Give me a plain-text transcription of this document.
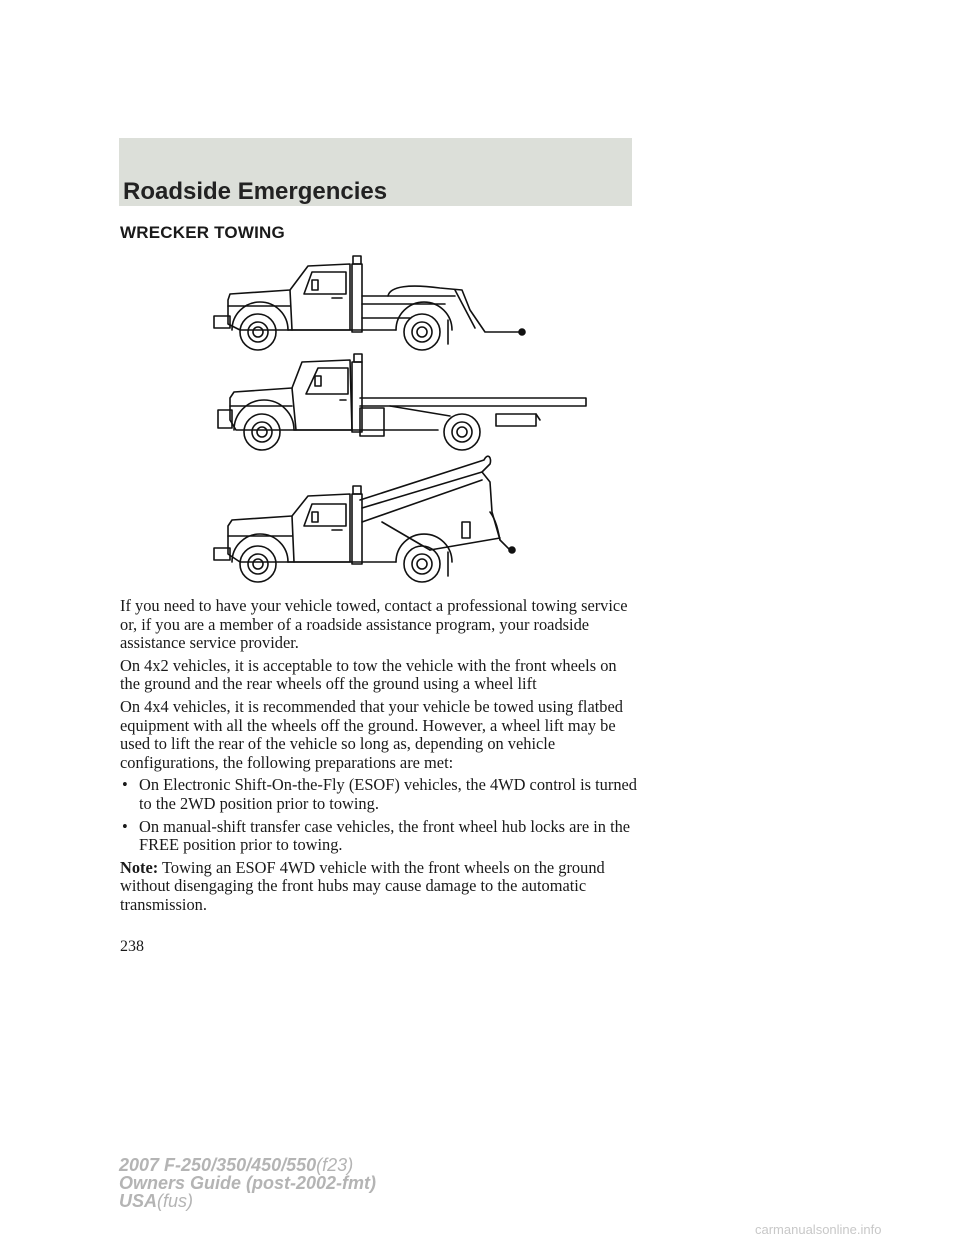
Roadside Emergencies
WRECKER TOWING

If you need to have your vehicle towed, contact a professional towing service or, if you are a member of a roadside assistance program, your roadside assistance service provider.

On 4x2 vehicles, it is acceptable to tow the vehicle with the front wheels on the ground and the rear wheels off the ground using a wheel lift

On 4x4 vehicles, it is recommended that your vehicle be towed using flatbed equipment with all the wheels off the ground. However, a wheel lift may be used to lift the rear of the vehicle so long as, depending on vehicle configurations, the following preparations are met:

• On Electronic Shift-On-the-Fly (ESOF) vehicles, the 4WD control is turned to the 2WD position prior to towing.
• On manual-shift transfer case vehicles, the front wheel hub locks are in the FREE position prior to towing.

Note: Towing an ESOF 4WD vehicle with the front wheels on the ground without disengaging the front hubs may cause damage to the automatic transmission.

238
2007 F-250/350/450/550(f23)
Owners Guide (post-2002-fmt)
USA(fus)
carmanualsonline.info
